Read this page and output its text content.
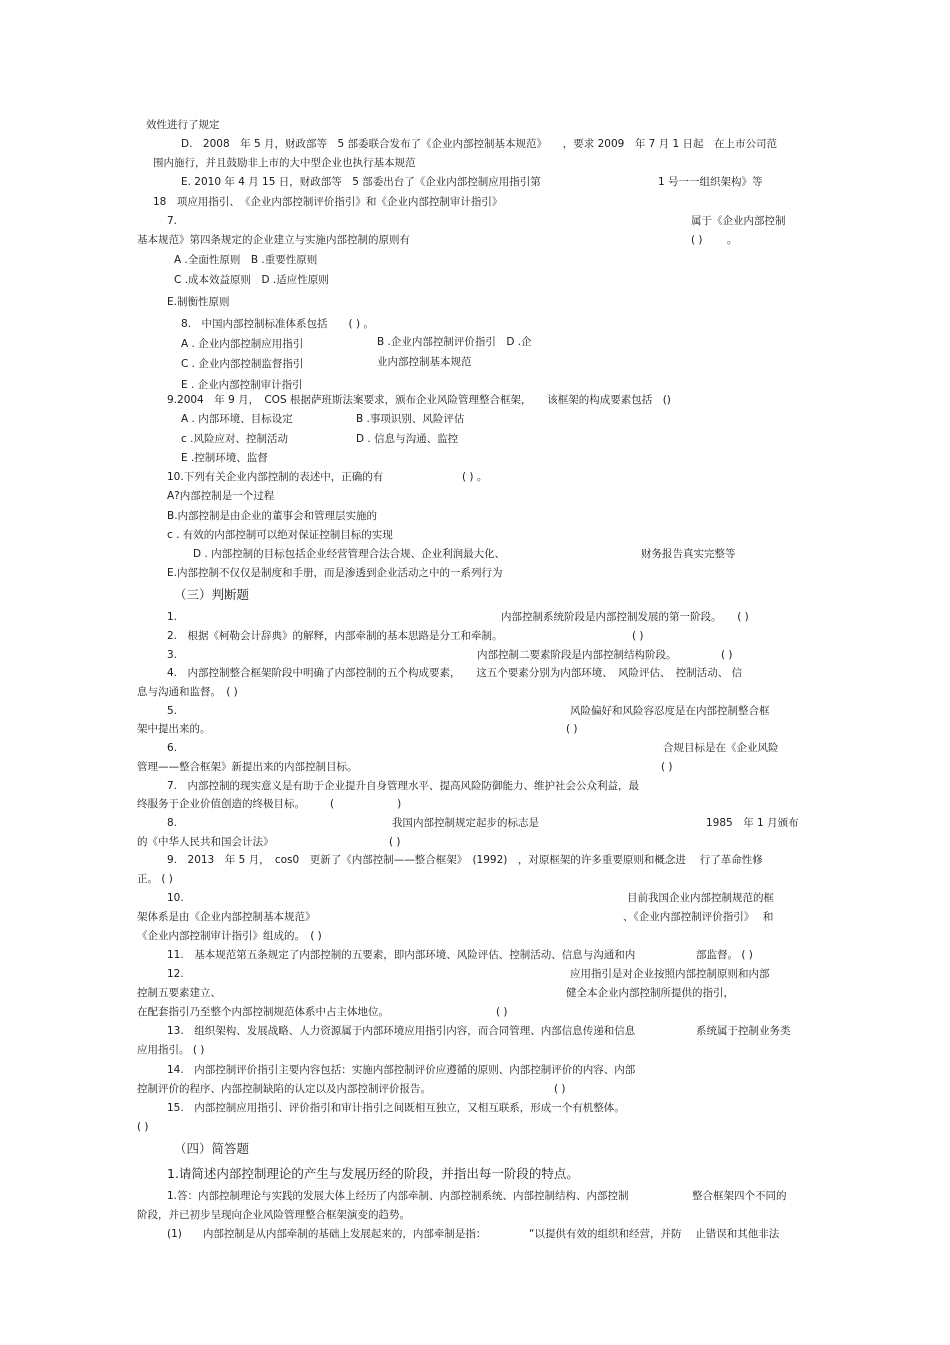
效性进行了规定
D.　2008　年 5 月，财政部等　5 部委联合发布了《企业内部控制基本规范》　　，要求 2009　年 7 月 1 日起　在上市公司范
围内施行，并且鼓励非上市的大中型企业也执行基本规范
E. 2010 年 4 月 15 日，财政部等　5 部委出台了《企业内部控制应用指引第	1 号一一组织架构》等
18　项应用指引、　《企业内部控制评价指引》和《企业内部控制审计指引》
7.	属于《企业内部控制
基本规范》第四条规定的企业建立与实施内部控制的原则有	( )　　 。
A .全面性原则　B .重要性原则
C .成本效益原则　D .适应性原则
E.制衡性原则
8.　中国内部控制标准体系包括　　( ) 。
A . 企业内部控制应用指引	B .企业内部控制评价指引　D .企
C . 企业内部控制监督指引	业内部控制基本规范
E . 企业内部控制审计指引
9.2004　年 9 月，　COS 根据萨班斯法案要求，颁布企业风险管理整合框架，　　该框架的构成要素包括　()
A . 内部环境、目标设定	B .事项识别、风险评估
c .风险应对、控制活动	D . 信息与沟通、监控
E .控制环境、监督
10.下列有关企业内部控制的表述中，正确的有	( ) 。
A?内部控制是一个过程
B.内部控制是由企业的董事会和管理层实施的
c . 有效的内部控制可以绝对保证控制目标的实现
D . 内部控制的目标包括企业经营管理合法合规、企业利润最大化、	财务报告真实完整等
E.内部控制不仅仅是制度和手册，而是渗透到企业活动之中的一系列行为
（三）判断题
1.	内部控制系统阶段是内部控制发展的第一阶段。　　( )
2.　根据《柯勒会计辞典》的解释，内部牵制的基本思路是分工和牵制。	( )
3.	内部控制二要素阶段是内部控制结构阶段。	( )
4.　内部控制整合框架阶段中明确了内部控制的五个构成要素，　　这五个要素分别为内部环境、　风险评估、　控制活动、 信
息与沟通和监督。　( )
5.	风险偏好和风险容忍度是在内部控制整合框
架中提出来的。	( )
6.	合规目标是在《企业风险
管理——整合框架》新提出来的内部控制目标。	( )
7.　内部控制的现实意义是有助于企业提升自身管理水平、提高风险防御能力、维护社会公众利益，最
终服务于企业价值创造的终极目标。 (　　　　　　)
8.	我国内部控制规定起步的标志是	1985　年 1 月颁布
的《中华人民共和国会计法》	( )
9.　2013　年 5 月，　cos0　更新了《内部控制——整合框架》　(1992)　，对原框架的许多重要原则和概念进　 行了革命性修
正。 ( )
10.	目前我国企业内部控制规范的框
架体系是由《企业内部控制基本规范》	、《企业内部控制评价指引》　 和
《企业内部控制审计指引》组成的。　( )
11.　基本规范第五条规定了内部控制的五要素，即内部环境、风险评估、控制活动、信息与沟通和内	部监督。 ( )
12.	应用指引是对企业按照内部控制原则和内部
控制五要素建立、	健全本企业内部控制所提供的指引，
在配套指引乃至整个内部控制规范体系中占主体地位。	( )
13.　组织架构、发展战略、人力资源属于内部环境应用指引内容，而合同管理、内部信息传递和信息	系统属于控制业务类
应用指引。 ( )
14.　内部控制评价指引主要内容包括：实施内部控制评价应遵循的原则、内部控制评价的内容、内部
控制评价的程序、内部控制缺陷的认定以及内部控制评价报告。	( )
15.　内部控制应用指引、评价指引和审计指引之间既相互独立，又相互联系，形成一个有机整体。
( )
（四）简答题
1.请简述内部控制理论的产生与发展历经的阶段，并指出每一阶段的特点。
1.答：内部控制理论与实践的发展大体上经历了内部牵制、内部控制系统、内部控制结构、内部控制	整合框架四个不同的
阶段，并已初步呈现向企业风险管理整合框架演变的趋势。
(1)　　内部控制是从内部牵制的基础上发展起来的，内部牵制是指：	“以提供有效的组织和经营，并防　 止错误和其他非法
